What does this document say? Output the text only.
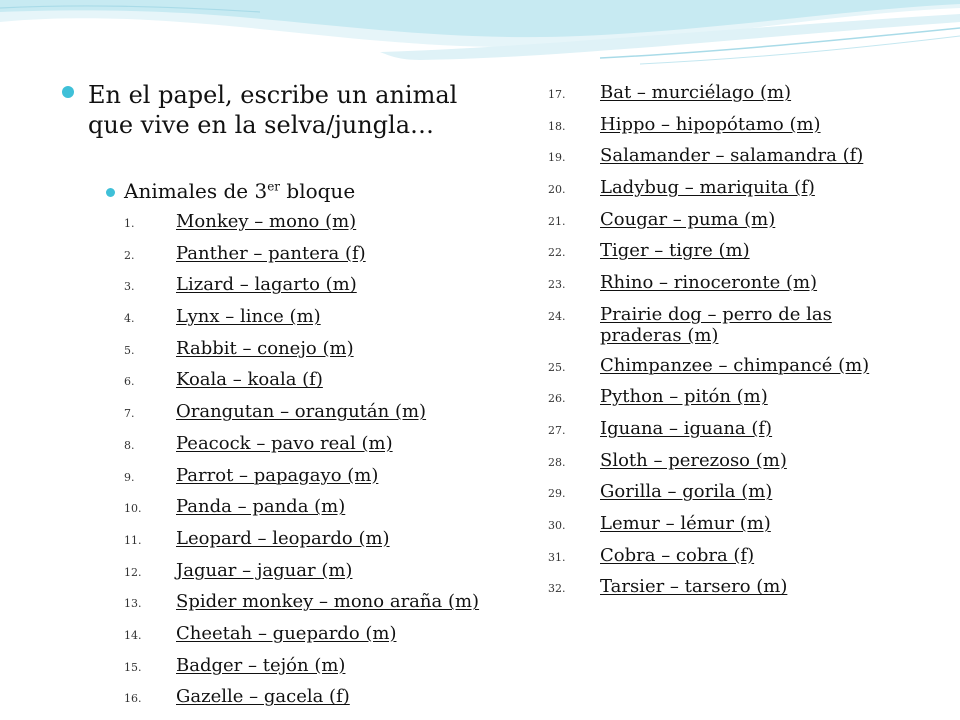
En el papel, escribe un animal que vive en la selva/jungla…

Animales de 3er bloque

1.	Monkey – mono (m)
2.	Panther – pantera (f)
3.	Lizard – lagarto (m)
4.	Lynx – lince (m)
5.	Rabbit – conejo (m)
6.	Koala – koala (f)
7.	Orangutan – orangután (m)
8.	Peacock – pavo real (m)
9.	Parrot – papagayo (m)
10.	Panda – panda (m)
11.	Leopard – leopardo (m)
12.	Jaguar – jaguar (m)
13.	Spider monkey – mono araña (m)
14.	Cheetah – guepardo (m)
15.	Badger – tejón (m)
16.	Gazelle – gacela (f)
17.	Bat – murciélago (m)
18.	Hippo – hipopótamo (m)
19.	Salamander – salamandra (f)
20.	Ladybug – mariquita (f)
21.	Cougar – puma (m)
22.	Tiger – tigre (m)
23.	Rhino – rinoceronte (m)
24.	Prairie dog – perro de las praderas (m)
25.	Chimpanzee – chimpancé (m)
26.	Python – pitón (m)
27.	Iguana – iguana (f)
28.	Sloth – perezoso (m)
29.	Gorilla – gorila (m)
30.	Lemur – lémur (m)
31.	Cobra – cobra (f)
32.	Tarsier – tarsero (m)
